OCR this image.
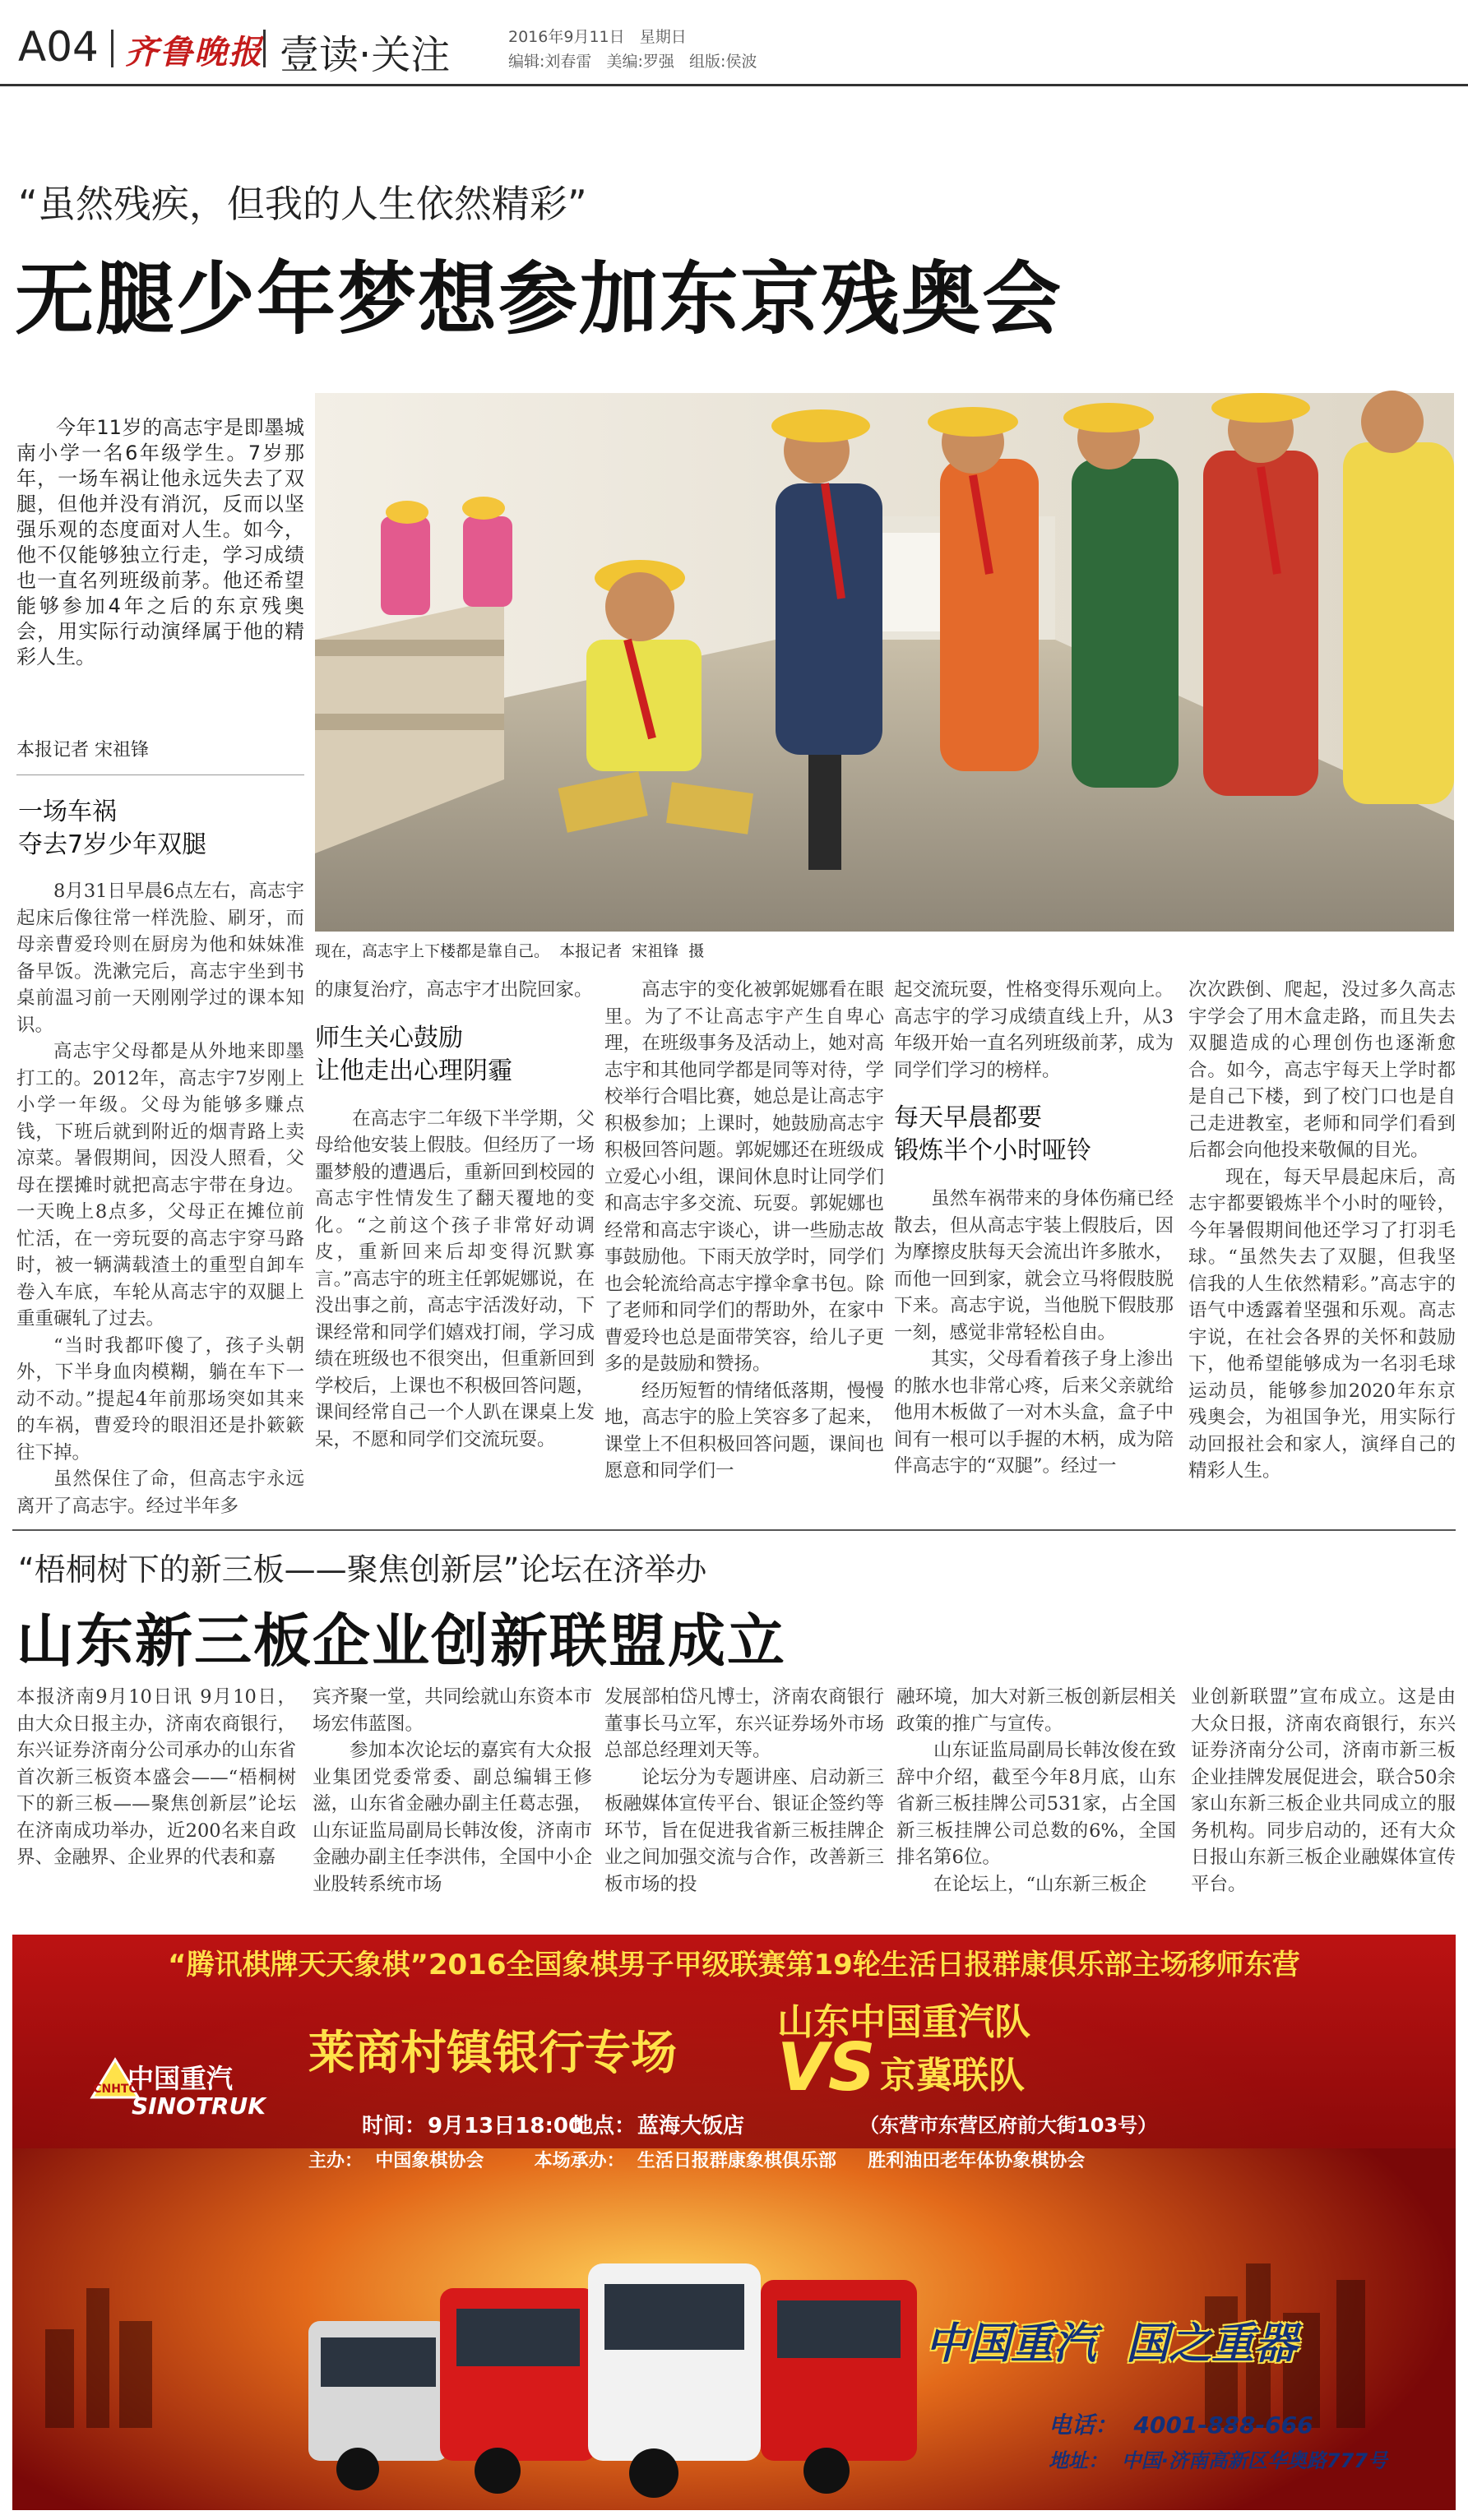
A04 齐鲁晚报 壹读·关注	2016年9月11日   星期日
编辑:刘春雷   美编:罗强   组版:侯波
“虽然残疾，但我的人生依然精彩”
无腿少年梦想参加东京残奥会
今年11岁的高志宇是即墨城南小学一名6年级学生。7岁那年，一场车祸让他永远失去了双腿，但他并没有消沉，反而以坚强乐观的态度面对人生。如今，他不仅能够独立行走，学习成绩也一直名列班级前茅。他还希望能够参加4年之后的东京残奥会，用实际行动演绎属于他的精彩人生。
本报记者 宋祖锋
一场车祸
夺去7岁少年双腿
现在，高志宇上下楼都是靠自己。  本报记者  宋祖锋  摄

8月31日早晨6点左右，高志宇起床后像往常一样洗脸、刷牙，而母亲曹爱玲则在厨房为他和妹妹准备早饭。洗漱完后，高志宇坐到书桌前温习前一天刚刚学过的课本知识。

高志宇父母都是从外地来即墨打工的。2012年，高志宇7岁刚上小学一年级。父母为能够多赚点钱，下班后就到附近的烟青路上卖凉菜。暑假期间，因没人照看，父母在摆摊时就把高志宇带在身边。一天晚上8点多，父母正在摊位前忙活，在一旁玩耍的高志宇穿马路时，被一辆满载渣土的重型自卸车卷入车底，车轮从高志宇的双腿上重重碾轧了过去。

“当时我都吓傻了，孩子头朝外，下半身血肉模糊，躺在车下一动不动。”提起4年前那场突如其来的车祸，曹爱玲的眼泪还是扑簌簌往下掉。

虽然保住了命，但高志宇永远离开了高志宇。经过半年多

的康复治疗，高志宇才出院回家。

师生关心鼓励
让他走出心理阴霾

在高志宇二年级下半学期，父母给他安装上假肢。但经历了一场噩梦般的遭遇后，重新回到校园的高志宇性情发生了翻天覆地的变化。“之前这个孩子非常好动调皮，重新回来后却变得沉默寡言。”高志宇的班主任郭妮娜说，在没出事之前，高志宇活泼好动，下课经常和同学们嬉戏打闹，学习成绩在班级也不很突出，但重新回到学校后，上课也不积极回答问题，课间经常自己一个人趴在课桌上发呆，不愿和同学们交流玩耍。

高志宇的变化被郭妮娜看在眼里。为了不让高志宇产生自卑心理，在班级事务及活动上，她对高志宇和其他同学都是同等对待，学校举行合唱比赛，她总是让高志宇积极参加；上课时，她鼓励高志宇积极回答问题。郭妮娜还在班级成立爱心小组，课间休息时让同学们和高志宇多交流、玩耍。郭妮娜也经常和高志宇谈心，讲一些励志故事鼓励他。下雨天放学时，同学们也会轮流给高志宇撑伞拿书包。除了老师和同学们的帮助外，在家中曹爱玲也总是面带笑容，给儿子更多的是鼓励和赞扬。

经历短暂的情绪低落期，慢慢地，高志宇的脸上笑容多了起来，课堂上不但积极回答问题，课间也愿意和同学们一

起交流玩耍，性格变得乐观向上。高志宇的学习成绩直线上升，从3年级开始一直名列班级前茅，成为同学们学习的榜样。

每天早晨都要
锻炼半个小时哑铃

虽然车祸带来的身体伤痛已经散去，但从高志宇装上假肢后，因为摩擦皮肤每天会流出许多脓水，而他一回到家，就会立马将假肢脱下来。高志宇说，当他脱下假肢那一刻，感觉非常轻松自由。

其实，父母看着孩子身上渗出的脓水也非常心疼，后来父亲就给他用木板做了一对木头盒，盒子中间有一根可以手握的木柄，成为陪伴高志宇的“双腿”。经过一

次次跌倒、爬起，没过多久高志宇学会了用木盒走路，而且失去双腿造成的心理创伤也逐渐愈合。如今，高志宇每天上学时都是自己下楼，到了校门口也是自己走进教室，老师和同学们看到后都会向他投来敬佩的目光。

现在，每天早晨起床后，高志宇都要锻炼半个小时的哑铃，今年暑假期间他还学习了打羽毛球。“虽然失去了双腿，但我坚信我的人生依然精彩。”高志宇的语气中透露着坚强和乐观。高志宇说，在社会各界的关怀和鼓励下，他希望能够成为一名羽毛球运动员，能够参加2020年东京残奥会，为祖国争光，用实际行动回报社会和家人，演绎自己的精彩人生。

“梧桐树下的新三板——聚焦创新层”论坛在济举办
山东新三板企业创新联盟成立

本报济南9月10日讯 9月10日，由大众日报主办，济南农商银行，东兴证券济南分公司承办的山东省首次新三板资本盛会——“梧桐树下的新三板——聚焦创新层”论坛在济南成功举办，近200名来自政界、金融界、企业界的代表和嘉

宾齐聚一堂，共同绘就山东资本市场宏伟蓝图。

参加本次论坛的嘉宾有大众报业集团党委常委、副总编辑王修滋，山东省金融办副主任葛志强，山东证监局副局长韩汝俊，济南市金融办副主任李洪伟，全国中小企业股转系统市场

发展部柏岱凡博士，济南农商银行董事长马立军，东兴证券场外市场总部总经理刘天等。

论坛分为专题讲座、启动新三板融媒体宣传平台、银证企签约等环节，旨在促进我省新三板挂牌企业之间加强交流与合作，改善新三板市场的投

融环境，加大对新三板创新层相关政策的推广与宣传。

山东证监局副局长韩汝俊在致辞中介绍，截至今年8月底，山东省新三板挂牌公司531家，占全国新三板挂牌公司总数的6%，全国排名第6位。

在论坛上，“山东新三板企

业创新联盟”宣布成立。这是由大众日报，济南农商银行，东兴证券济南分公司，济南市新三板企业挂牌发展促进会，联合50余家山东新三板企业共同成立的服务机构。同步启动的，还有大众日报山东新三板企业融媒体宣传平台。

“腾讯棋牌天天象棋”2016全国象棋男子甲级联赛第19轮生活日报群康俱乐部主场移师东营
CNHTC
中国重汽
SINOTRUK
莱商村镇银行专场
山东中国重汽队
VS 京冀联队
时间： 9月13日18:00
地点： 蓝海大饭店	（东营市东营区府前大街103号）
主办：  中国象棋协会        本场承办：  生活日报群康象棋俱乐部     胜利油田老年体协象棋协会
中国重汽  国之重器
电话：  4001-888-666
地址：  中国·济南高新区华奥路777号
